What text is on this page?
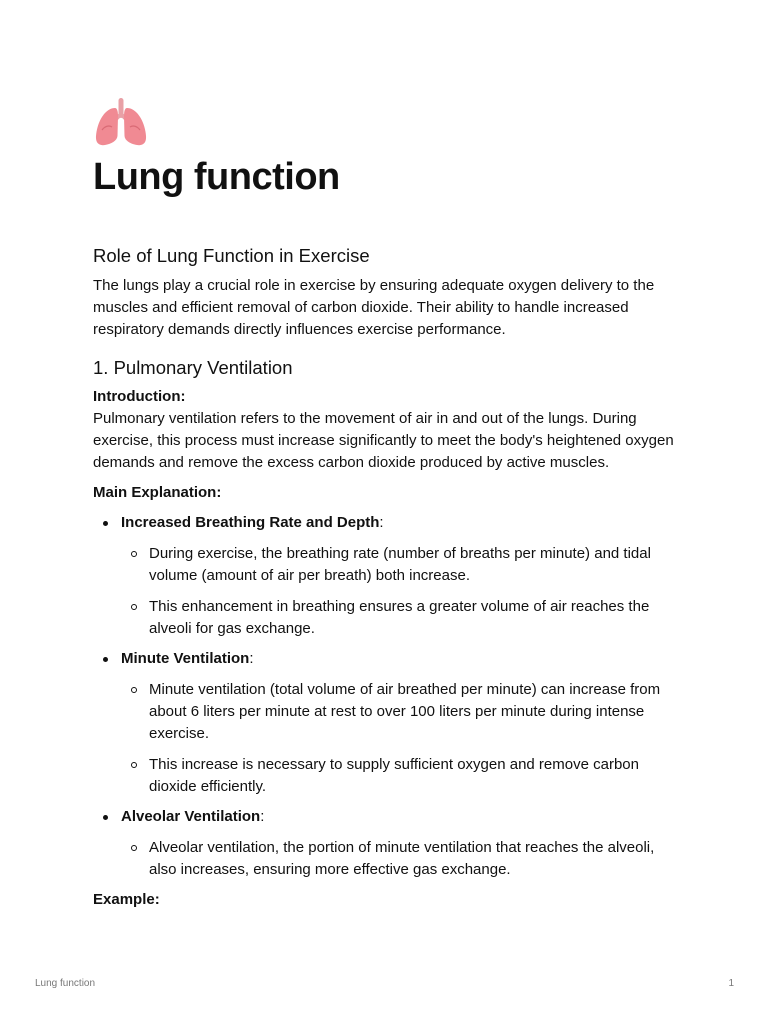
Lung function
Role of Lung Function in Exercise

The lungs play a crucial role in exercise by ensuring adequate oxygen delivery to the muscles and efficient removal of carbon dioxide. Their ability to handle increased respiratory demands directly influences exercise performance.

1. Pulmonary Ventilation
Introduction:

Pulmonary ventilation refers to the movement of air in and out of the lungs. During exercise, this process must increase significantly to meet the body's heightened oxygen demands and remove the excess carbon dioxide produced by active muscles.

Main Explanation:
Increased Breathing Rate and Depth:
During exercise, the breathing rate (number of breaths per minute) and tidal volume (amount of air per breath) both increase.
This enhancement in breathing ensures a greater volume of air reaches the alveoli for gas exchange.
Minute Ventilation:
Minute ventilation (total volume of air breathed per minute) can increase from about 6 liters per minute at rest to over 100 liters per minute during intense exercise.
This increase is necessary to supply sufficient oxygen and remove carbon dioxide efficiently.
Alveolar Ventilation:
Alveolar ventilation, the portion of minute ventilation that reaches the alveoli, also increases, ensuring more effective gas exchange.
Example:
Lung function	1
